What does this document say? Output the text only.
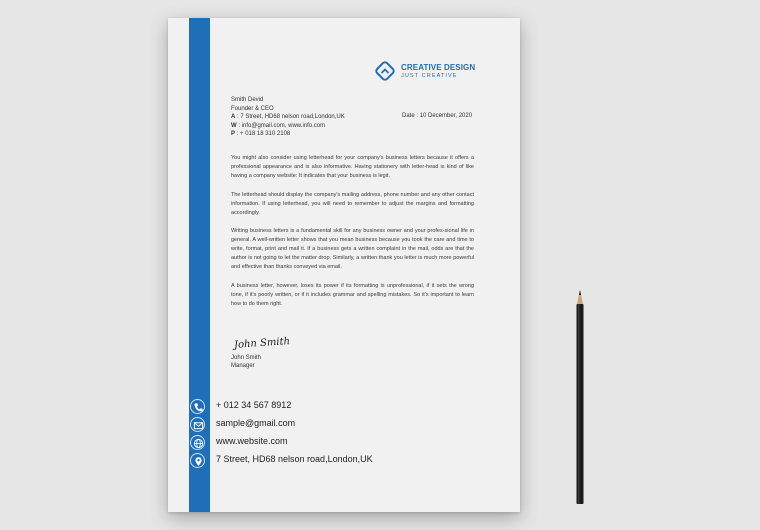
CREATIVE DESIGN
JUST CREATIVE
Smith Devid
Founder & CEO
A : 7 Street, HD68 nelson road,London,UK
W : info@gmail.com, www.info.com
P : + 018 18 310 2108
Date : 10 December, 2020

You might also consider using letterhead for your company's business letters because it offers a professional appearance and is also informative. Having stationery with letter-head is kind of like having a company website: It indicates that your business is legit.

The letterhead should display the company's mailing address, phone number and any other contact information. If using letterhead, you will need to remember to adjust the margins and formatting accordingly.

Writing business letters is a fundamental skill for any business owner and your profes-sional life in general. A well-written letter shows that you mean business because you took the care and time to write, format, print and mail it. If a business gets a written complaint in the mail, odds are that the author is not going to let the matter drop. Similarly, a written thank you letter is much more powerful and effective than thanks conveyed via email.

A business letter, however, loses its power if its formatting is unprofessional, if it sets the wrong tone, if it's poorly written, or if it includes grammar and spelling mistakes. So it's important to learn how to do them right.

John Smith
John Smith
Manager
+ 012 34 567 8912
sample@gmail.com
www.website.com
7 Street, HD68 nelson road,London,UK
